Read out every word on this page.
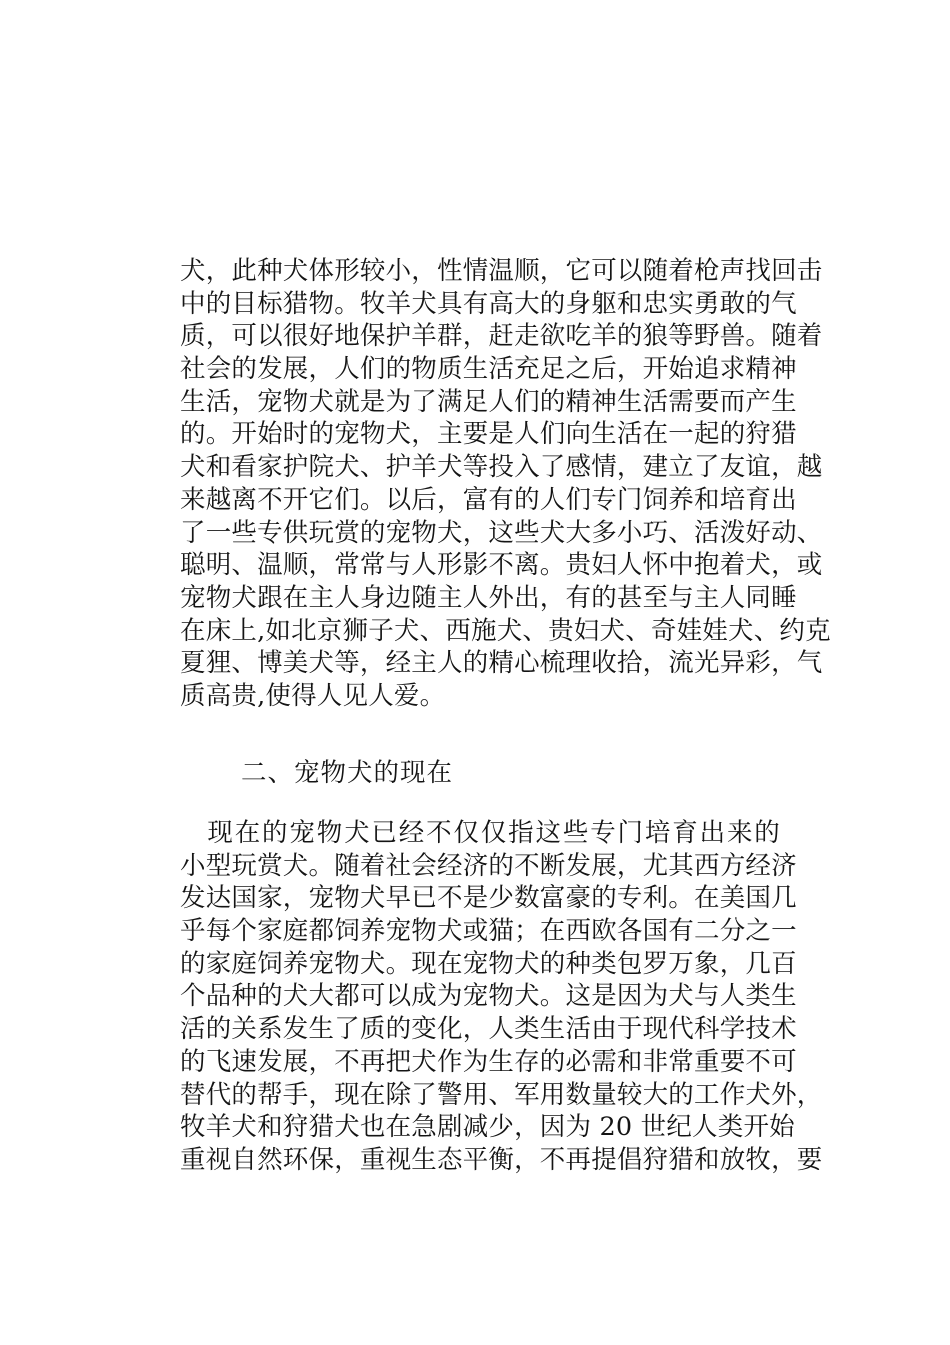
犬，此种犬体形较小，性情温顺，它可以随着枪声找回击
中的目标猎物。牧羊犬具有高大的身躯和忠实勇敢的气
质，可以很好地保护羊群，赶走欲吃羊的狼等野兽。随着
社会的发展，人们的物质生活充足之后，开始追求精神
生活，宠物犬就是为了满足人们的精神生活需要而产生
的。开始时的宠物犬，主要是人们向生活在一起的狩猎
犬和看家护院犬、护羊犬等投入了感情，建立了友谊，越
来越离不开它们。以后，富有的人们专门饲养和培育出
了一些专供玩赏的宠物犬，这些犬大多小巧、活泼好动、
聪明、温顺，常常与人形影不离。贵妇人怀中抱着犬，或
宠物犬跟在主人身边随主人外出，有的甚至与主人同睡
在床上,如北京狮子犬、西施犬、贵妇犬、奇娃娃犬、约克
夏狸、博美犬等，经主人的精心梳理收拾，流光异彩，气
质高贵,使得人见人爱。
二、宠物犬的现在
　现在的宠物犬已经不仅仅指这些专门培育出来的
小型玩赏犬。随着社会经济的不断发展，尤其西方经济
发达国家，宠物犬早已不是少数富豪的专利。在美国几
乎每个家庭都饲养宠物犬或猫；在西欧各国有二分之一
的家庭饲养宠物犬。现在宠物犬的种类包罗万象，几百
个品种的犬大都可以成为宠物犬。这是因为犬与人类生
活的关系发生了质的变化，人类生活由于现代科学技术
的飞速发展，不再把犬作为生存的必需和非常重要不可
替代的帮手，现在除了警用、军用数量较大的工作犬外，
牧羊犬和狩猎犬也在急剧减少，因为 20 世纪人类开始
重视自然环保，重视生态平衡，不再提倡狩猎和放牧，要
